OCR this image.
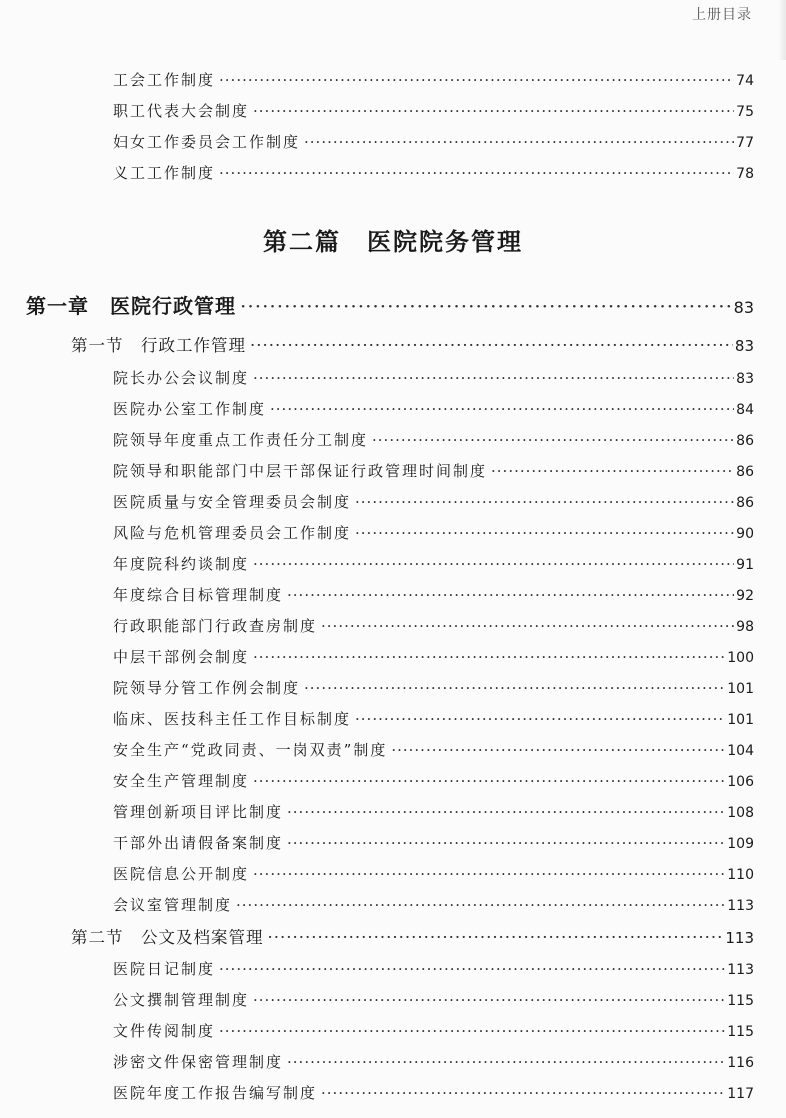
上册目录
工会工作制度 ·····	74
职工代表大会制度 ·····	75
妇女工作委员会工作制度 ·····	77
义工工作制度 ·····	78
第二篇　医院院务管理
第一章　医院行政管理 ·····	83
第一节　行政工作管理 ·····	83
院长办公会议制度 ·····	83
医院办公室工作制度 ·····	84
院领导年度重点工作责任分工制度 ·····	86
院领导和职能部门中层干部保证行政管理时间制度 ·····	86
医院质量与安全管理委员会制度 ·····	86
风险与危机管理委员会工作制度 ·····	90
年度院科约谈制度 ·····	91
年度综合目标管理制度 ·····	92
行政职能部门行政查房制度 ·····	98
中层干部例会制度 ·····	100
院领导分管工作例会制度 ·····	101
临床、医技科主任工作目标制度 ·····	101
安全生产“党政同责、一岗双责”制度 ·····	104
安全生产管理制度 ·····	106
管理创新项目评比制度 ·····	108
干部外出请假备案制度 ·····	109
医院信息公开制度 ·····	110
会议室管理制度 ·····	113
第二节　公文及档案管理 ·····	113
医院日记制度 ·····	113
公文撰制管理制度 ·····	115
文件传阅制度 ·····	115
涉密文件保密管理制度 ·····	116
医院年度工作报告编写制度 ·····	117
